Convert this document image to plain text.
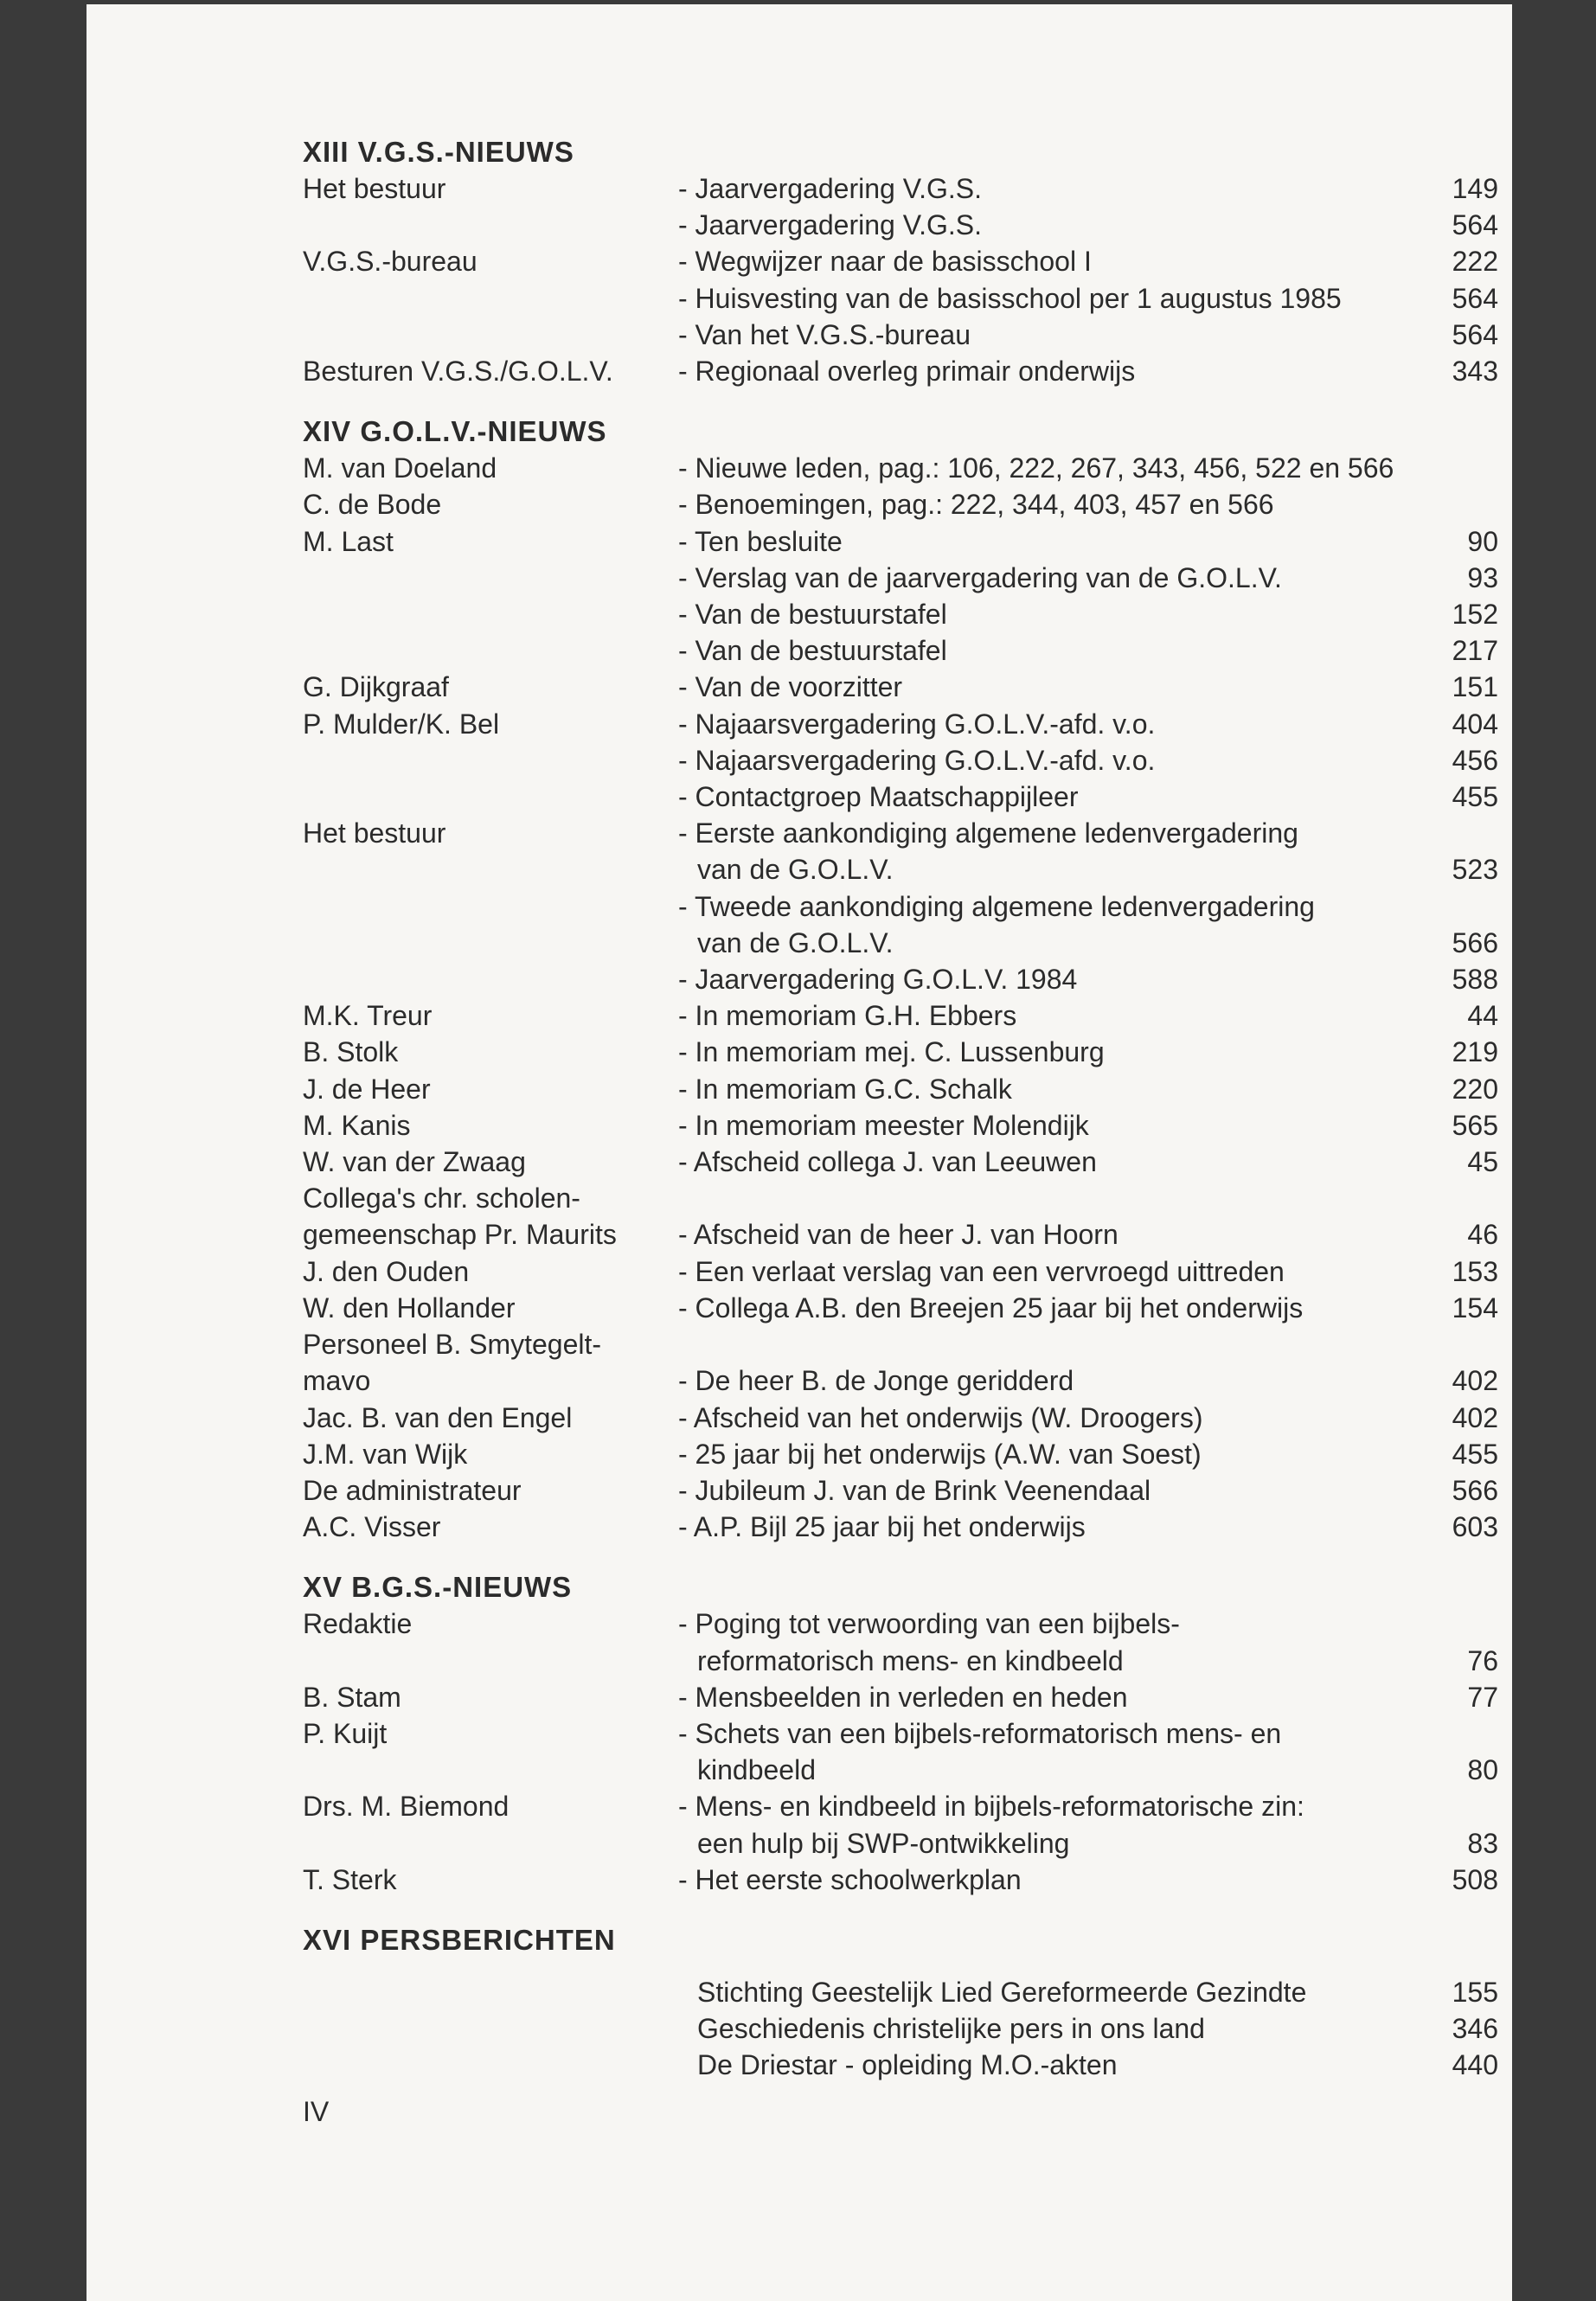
XIII V.G.S.-NIEUWS
Het bestuur	- Jaarvergadering V.G.S.	149
- Jaarvergadering V.G.S.	564
V.G.S.-bureau	- Wegwijzer naar de basisschool I	222
- Huisvesting van de basisschool per 1 augustus 1985	564
- Van het V.G.S.-bureau	564
Besturen V.G.S./G.O.L.V.	- Regionaal overleg primair onderwijs	343
XIV G.O.L.V.-NIEUWS
M. van Doeland	- Nieuwe leden, pag.: 106, 222, 267, 343, 456, 522 en 566
C. de Bode	- Benoemingen, pag.: 222, 344, 403, 457 en 566
M. Last	- Ten besluite	90
- Verslag van de jaarvergadering van de G.O.L.V.	93
- Van de bestuurstafel	152
- Van de bestuurstafel	217
G. Dijkgraaf	- Van de voorzitter	151
P. Mulder/K. Bel	- Najaarsvergadering G.O.L.V.-afd. v.o.	404
- Najaarsvergadering G.O.L.V.-afd. v.o.	456
- Contactgroep Maatschappijleer	455
Het bestuur	- Eerste aankondiging algemene ledenvergadering
van de G.O.L.V.	523
- Tweede aankondiging algemene ledenvergadering
van de G.O.L.V.	566
- Jaarvergadering G.O.L.V. 1984	588
M.K. Treur	- In memoriam G.H. Ebbers	44
B. Stolk	- In memoriam mej. C. Lussenburg	219
J. de Heer	- In memoriam G.C. Schalk	220
M. Kanis	- In memoriam meester Molendijk	565
W. van der Zwaag	- Afscheid collega J. van Leeuwen	45
Collega's chr. scholen-

gemeenschap Pr. Maurits	- Afscheid van de heer J. van Hoorn	46
J. den Ouden	- Een verlaat verslag van een vervroegd uittreden	153
W. den Hollander	- Collega A.B. den Breejen 25 jaar bij het onderwijs	154
Personeel B. Smytegelt-

mavo	- De heer B. de Jonge geridderd	402
Jac. B. van den Engel	- Afscheid van het onderwijs (W. Droogers)	402
J.M. van Wijk	- 25 jaar bij het onderwijs (A.W. van Soest)	455
De administrateur	- Jubileum J. van de Brink Veenendaal	566
A.C. Visser	- A.P. Bijl 25 jaar bij het onderwijs	603
XV B.G.S.-NIEUWS
Redaktie	- Poging tot verwoording van een bijbels-
reformatorisch mens- en kindbeeld	76
B. Stam	- Mensbeelden in verleden en heden	77
P. Kuijt	- Schets van een bijbels-reformatorisch mens- en
kindbeeld	80
Drs. M. Biemond	- Mens- en kindbeeld in bijbels-reformatorische zin:
een hulp bij SWP-ontwikkeling	83
T. Sterk	- Het eerste schoolwerkplan	508
XVI PERSBERICHTEN
Stichting Geestelijk Lied Gereformeerde Gezindte	155
Geschiedenis christelijke pers in ons land	346
De Driestar - opleiding M.O.-akten	440
IV
